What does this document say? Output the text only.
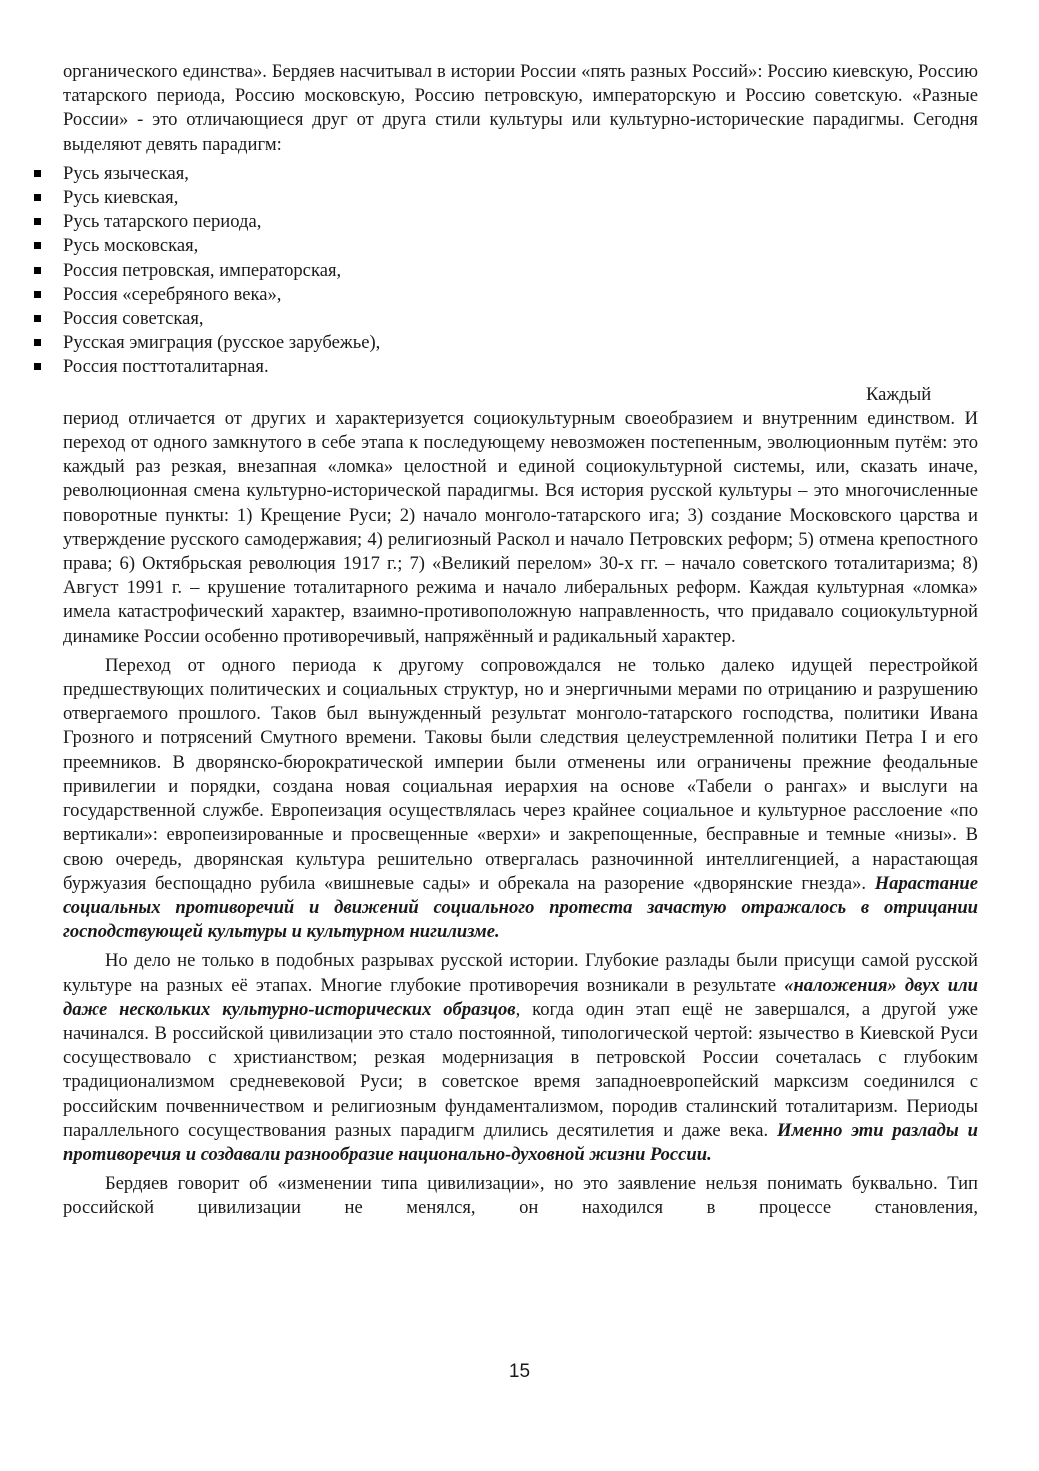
органического единства». Бердяев насчитывал в истории России «пять разных Россий»: Россию киевскую, Россию татарского периода, Россию московскую, Россию петровскую, императорскую и Россию советскую. «Разные России» - это отличающиеся друг от друга стили культуры или культурно-исторические парадигмы. Сегодня выделяют девять парадигм:

Русь языческая,
Русь киевская,
Русь татарского периода,
Русь московская,
Россия петровская, императорская,
Россия «серебряного века»,
Россия советская,
Русская эмиграция (русское зарубежье),
Россия посттоталитарная.

Каждый

период отличается от других и характеризуется социокультурным своеобразием и внутренним единством. И переход от одного замкнутого в себе этапа к последующему невозможен постепенным, эволюционным путём: это каждый раз резкая, внезапная «ломка» целостной и единой социокультурной системы, или, сказать иначе, революционная смена культурно-исторической парадигмы. Вся история русской культуры – это многочисленные поворотные пункты: 1) Крещение Руси; 2) начало монголо-татарского ига; 3) создание Московского царства и утверждение русского самодержавия; 4) религиозный Раскол и начало Петровских реформ; 5) отмена крепостного права; 6) Октябрьская революция 1917 г.; 7) «Великий перелом» 30-х гг. – начало советского тоталитаризма; 8) Август 1991 г. – крушение тоталитарного режима и начало либеральных реформ. Каждая культурная «ломка» имела катастрофический характер, взаимно-противоположную направленность, что придавало социокультурной динамике России особенно противоречивый, напряжённый и радикальный характер.

Переход от одного периода к другому сопровождался не только далеко идущей перестройкой предшествующих политических и социальных структур, но и энергичными мерами по отрицанию и разрушению отвергаемого прошлого. Таков был вынужденный результат монголо-татарского господства, политики Ивана Грозного и потрясений Смутного времени. Таковы были следствия целеустремленной политики Петра I и его преемников. В дворянско-бюрократической империи были отменены или ограничены прежние феодальные привилегии и порядки, создана новая социальная иерархия на основе «Табели о рангах» и выслуги на государственной службе. Европеизация осуществлялась через крайнее социальное и культурное расслоение «по вертикали»: европеизированные и просвещенные «верхи» и закрепощенные, бесправные и темные «низы». В свою очередь, дворянская культура решительно отвергалась разночинной интеллигенцией, а нарастающая буржуазия беспощадно рубила «вишневые сады» и обрекала на разорение «дворянские гнезда». Нарастание социальных противоречий и движений социального протеста зачастую отражалось в отрицании господствующей культуры и культурном нигилизме.

Но дело не только в подобных разрывах русской истории. Глубокие разлады были присущи самой русской культуре на разных её этапах. Многие глубокие противоречия возникали в результате «наложения» двух или даже нескольких культурно-исторических образцов, когда один этап ещё не завершался, а другой уже начинался. В российской цивилизации это стало постоянной, типологической чертой: язычество в Киевской Руси сосуществовало с христианством; резкая модернизация в петровской России сочеталась с глубоким традиционализмом средневековой Руси; в советское время западноевропейский марксизм соединился с российским почвенничеством и религиозным фундаментализмом, породив сталинский тоталитаризм. Периоды параллельного сосуществования разных парадигм длились десятилетия и даже века. Именно эти разлады и противоречия и создавали разнообразие национально-духовной жизни России.

Бердяев говорит об «изменении типа цивилизации», но это заявление нельзя понимать буквально. Тип российской цивилизации не менялся, он находился в процессе становления,

15
